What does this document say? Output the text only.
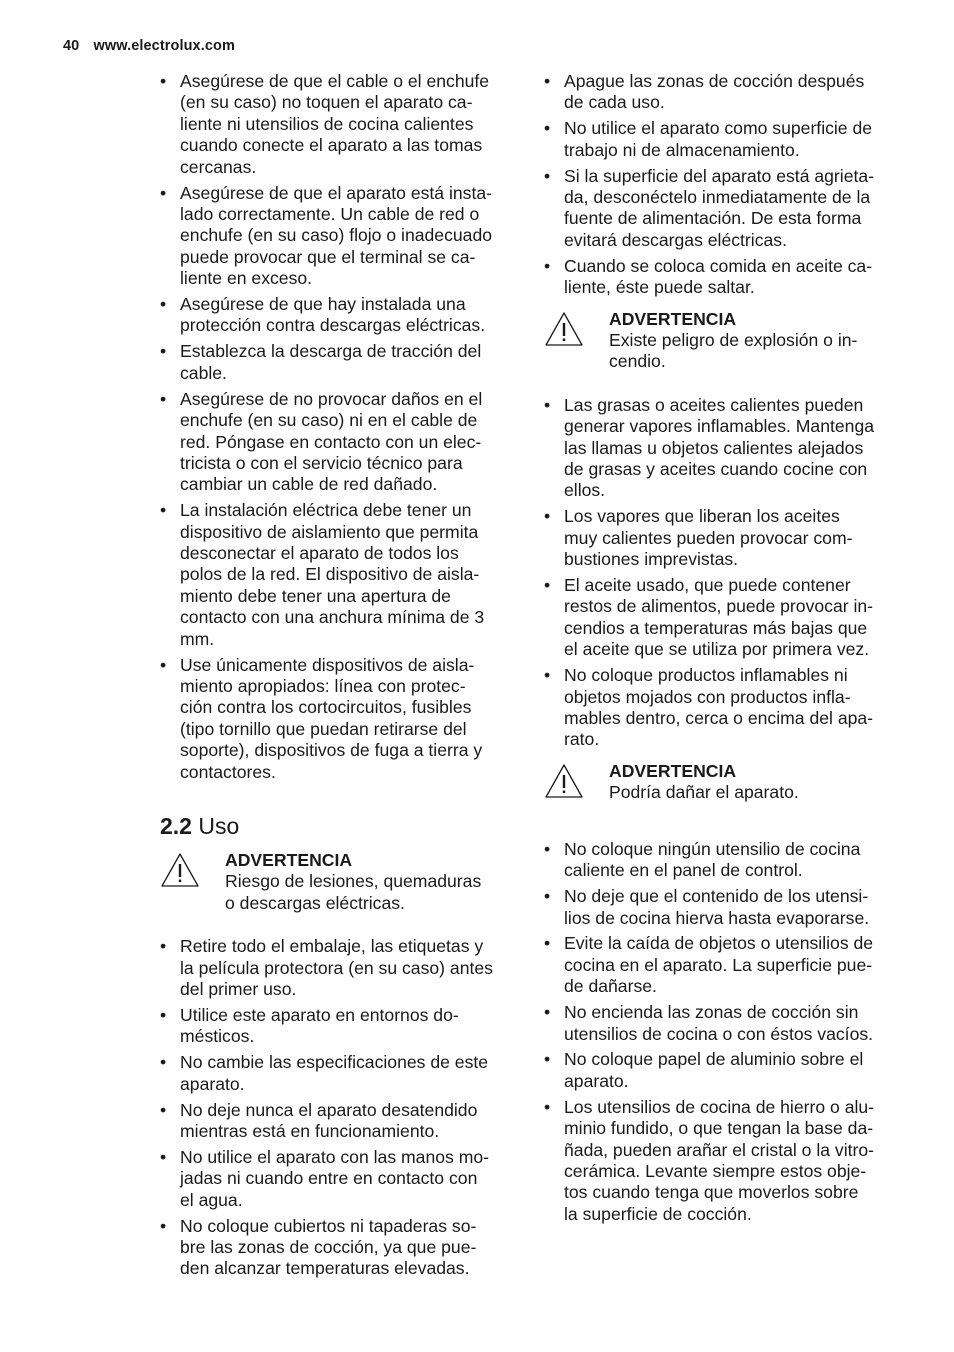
40 www.electrolux.com
• Asegúrese de que el cable o el enchufe
(en su caso) no toquen el aparato ca-
liente ni utensilios de cocina calientes
cuando conecte el aparato a las tomas
cercanas.
• Asegúrese de que el aparato está insta-
lado correctamente. Un cable de red o
enchufe (en su caso) flojo o inadecuado
puede provocar que el terminal se ca-
liente en exceso.
• Asegúrese de que hay instalada una
protección contra descargas eléctricas.
• Establezca la descarga de tracción del
cable.
• Asegúrese de no provocar daños en el
enchufe (en su caso) ni en el cable de
red. Póngase en contacto con un elec-
tricista o con el servicio técnico para
cambiar un cable de red dañado.
• La instalación eléctrica debe tener un
dispositivo de aislamiento que permita
desconectar el aparato de todos los
polos de la red. El dispositivo de aisla-
miento debe tener una apertura de
contacto con una anchura mínima de 3
mm.
• Use únicamente dispositivos de aisla-
miento apropiados: línea con protec-
ción contra los cortocircuitos, fusibles
(tipo tornillo que puedan retirarse del
soporte), dispositivos de fuga a tierra y
contactores.
2.2 Uso
ADVERTENCIA
Riesgo de lesiones, quemaduras
o descargas eléctricas.
• Retire todo el embalaje, las etiquetas y
la película protectora (en su caso) antes
del primer uso.
• Utilice este aparato en entornos do-
mésticos.
• No cambie las especificaciones de este
aparato.
• No deje nunca el aparato desatendido
mientras está en funcionamiento.
• No utilice el aparato con las manos mo-
jadas ni cuando entre en contacto con
el agua.
• No coloque cubiertos ni tapaderas so-
bre las zonas de cocción, ya que pue-
den alcanzar temperaturas elevadas.
• Apague las zonas de cocción después
de cada uso.
• No utilice el aparato como superficie de
trabajo ni de almacenamiento.
• Si la superficie del aparato está agrieta-
da, desconéctelo inmediatamente de la
fuente de alimentación. De esta forma
evitará descargas eléctricas.
• Cuando se coloca comida en aceite ca-
liente, éste puede saltar.
ADVERTENCIA
Existe peligro de explosión o in-
cendio.
• Las grasas o aceites calientes pueden
generar vapores inflamables. Mantenga
las llamas u objetos calientes alejados
de grasas y aceites cuando cocine con
ellos.
• Los vapores que liberan los aceites
muy calientes pueden provocar com-
bustiones imprevistas.
• El aceite usado, que puede contener
restos de alimentos, puede provocar in-
cendios a temperaturas más bajas que
el aceite que se utiliza por primera vez.
• No coloque productos inflamables ni
objetos mojados con productos infla-
mables dentro, cerca o encima del apa-
rato.
ADVERTENCIA
Podría dañar el aparato.
• No coloque ningún utensilio de cocina
caliente en el panel de control.
• No deje que el contenido de los utensi-
lios de cocina hierva hasta evaporarse.
• Evite la caída de objetos o utensilios de
cocina en el aparato. La superficie pue-
de dañarse.
• No encienda las zonas de cocción sin
utensilios de cocina o con éstos vacíos.
• No coloque papel de aluminio sobre el
aparato.
• Los utensilios de cocina de hierro o alu-
minio fundido, o que tengan la base da-
ñada, pueden arañar el cristal o la vitro-
cerámica. Levante siempre estos obje-
tos cuando tenga que moverlos sobre
la superficie de cocción.
